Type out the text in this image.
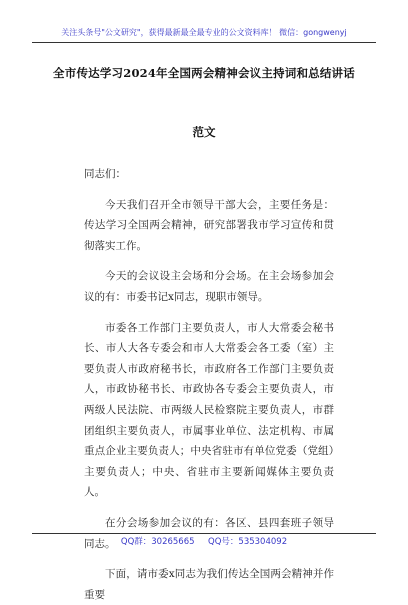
关注头条号"公文研究"，获得最新最全最专业的公文资料库！ 微信：gongwenyj
全市传达学习2024年全国两会精神会议主持词和总结讲话
范文

同志们：

今天我们召开全市领导干部大会，主要任务是：传达学习全国两会精神，研究部署我市学习宣传和贯彻落实工作。

今天的会议设主会场和分会场。在主会场参加会议的有：市委书记x同志，现职市领导。

市委各工作部门主要负责人，市人大常委会秘书长、市人大各专委会和市人大常委会各工委（室）主要负责人市政府秘书长，市政府各工作部门主要负责人，市政协秘书长、市政协各专委会主要负责人，市两级人民法院、市两级人民检察院主要负责人，市群团组织主要负责人，市属事业单位、法定机构、市属重点企业主要负责人；中央省驻市有单位党委（党组）主要负责人；中央、省驻市主要新闻媒体主要负责人。

在分会场参加会议的有：各区、县四套班子领导同志。

下面，请市委x同志为我们传达全国两会精神并作重要

QQ群：30265665     QQ号：535304092
